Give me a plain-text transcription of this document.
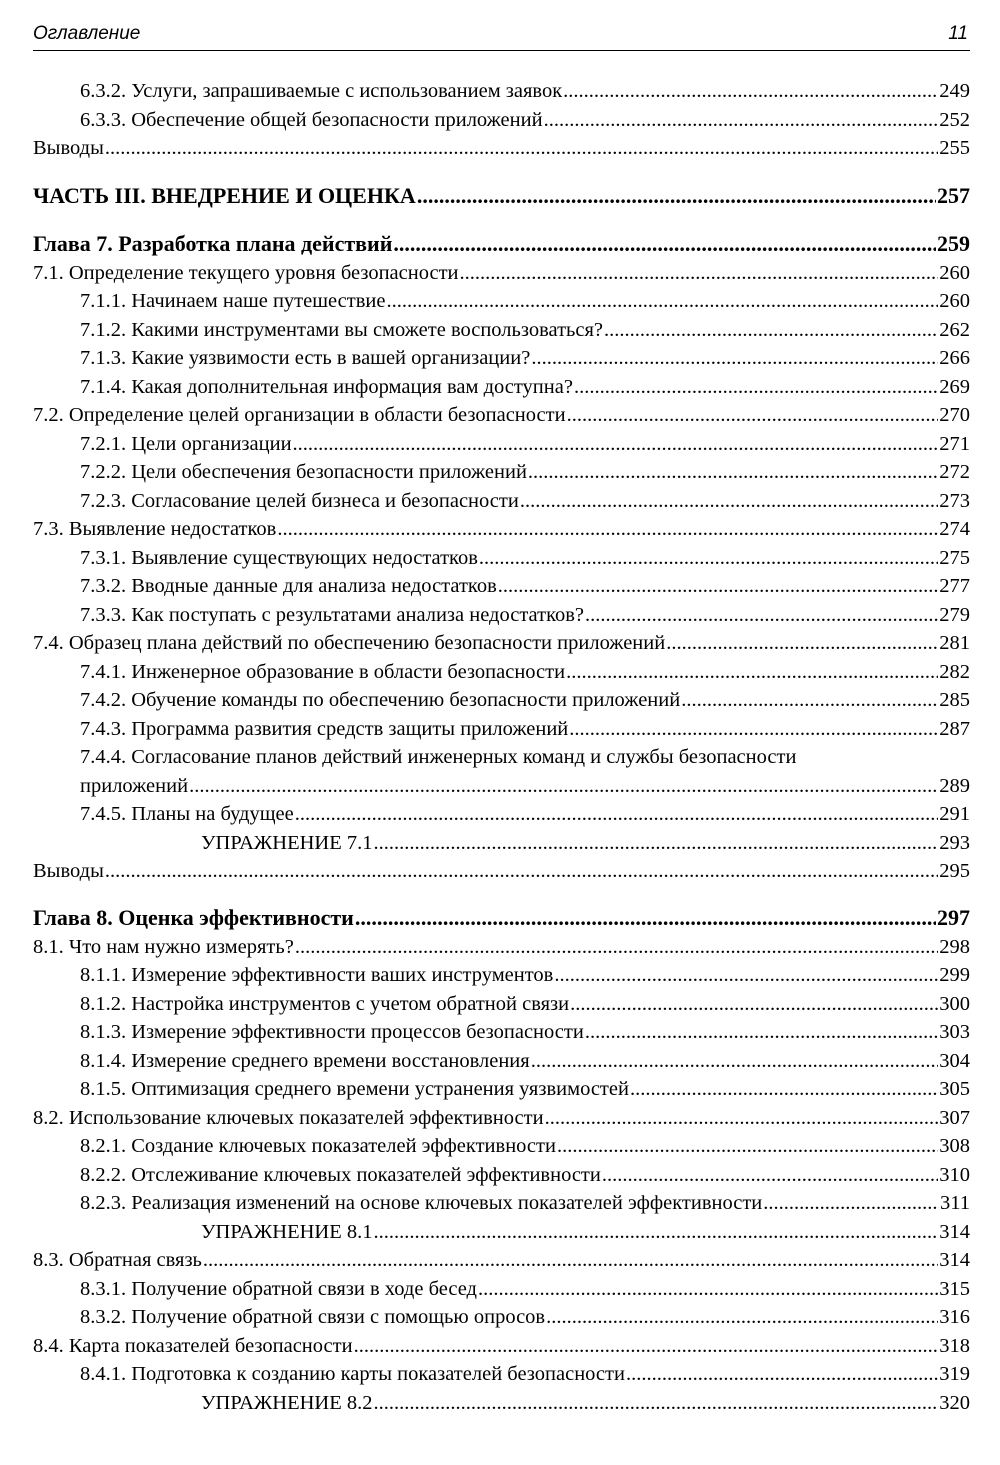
Оглавление	11
6.3.2. Услуги, запрашиваемые с использованием заявок .....	249
6.3.3. Обеспечение общей безопасности приложений .....	252
Выводы .....	255
ЧАСТЬ III. ВНЕДРЕНИЕ И ОЦЕНКА .....	257
Глава 7. Разработка плана действий .....	259
7.1. Определение текущего уровня безопасности .....	260
7.1.1. Начинаем наше путешествие .....	260
7.1.2. Какими инструментами вы сможете воспользоваться? .....	262
7.1.3. Какие уязвимости есть в вашей организации? .....	266
7.1.4. Какая дополнительная информация вам доступна? .....	269
7.2. Определение целей организации в области безопасности .....	270
7.2.1. Цели организации .....	271
7.2.2. Цели обеспечения безопасности приложений .....	272
7.2.3. Согласование целей бизнеса и безопасности .....	273
7.3. Выявление недостатков .....	274
7.3.1. Выявление существующих недостатков .....	275
7.3.2. Вводные данные для анализа недостатков .....	277
7.3.3. Как поступать с результатами анализа недостатков? .....	279
7.4. Образец плана действий по обеспечению безопасности приложений .....	281
7.4.1. Инженерное образование в области безопасности .....	282
7.4.2. Обучение команды по обеспечению безопасности приложений .....	285
7.4.3. Программа развития средств защиты приложений .....	287
7.4.4. Согласование планов действий инженерных команд и службы безопасности
приложений .....	289
7.4.5. Планы на будущее .....	291
УПРАЖНЕНИЕ 7.1 .....	293
Выводы .....	295
Глава 8. Оценка эффективности .....	297
8.1. Что нам нужно измерять? .....	298
8.1.1. Измерение эффективности ваших инструментов .....	299
8.1.2. Настройка инструментов с учетом обратной связи .....	300
8.1.3. Измерение эффективности процессов безопасности .....	303
8.1.4. Измерение среднего времени восстановления .....	304
8.1.5. Оптимизация среднего времени устранения уязвимостей .....	305
8.2. Использование ключевых показателей эффективности .....	307
8.2.1. Создание ключевых показателей эффективности .....	308
8.2.2. Отслеживание ключевых показателей эффективности .....	310
8.2.3. Реализация изменений на основе ключевых показателей эффективности .....	311
УПРАЖНЕНИЕ 8.1 .....	314
8.3. Обратная связь .....	314
8.3.1. Получение обратной связи в ходе бесед .....	315
8.3.2. Получение обратной связи с помощью опросов .....	316
8.4. Карта показателей безопасности .....	318
8.4.1. Подготовка к созданию карты показателей безопасности .....	319
УПРАЖНЕНИЕ 8.2 .....	320
